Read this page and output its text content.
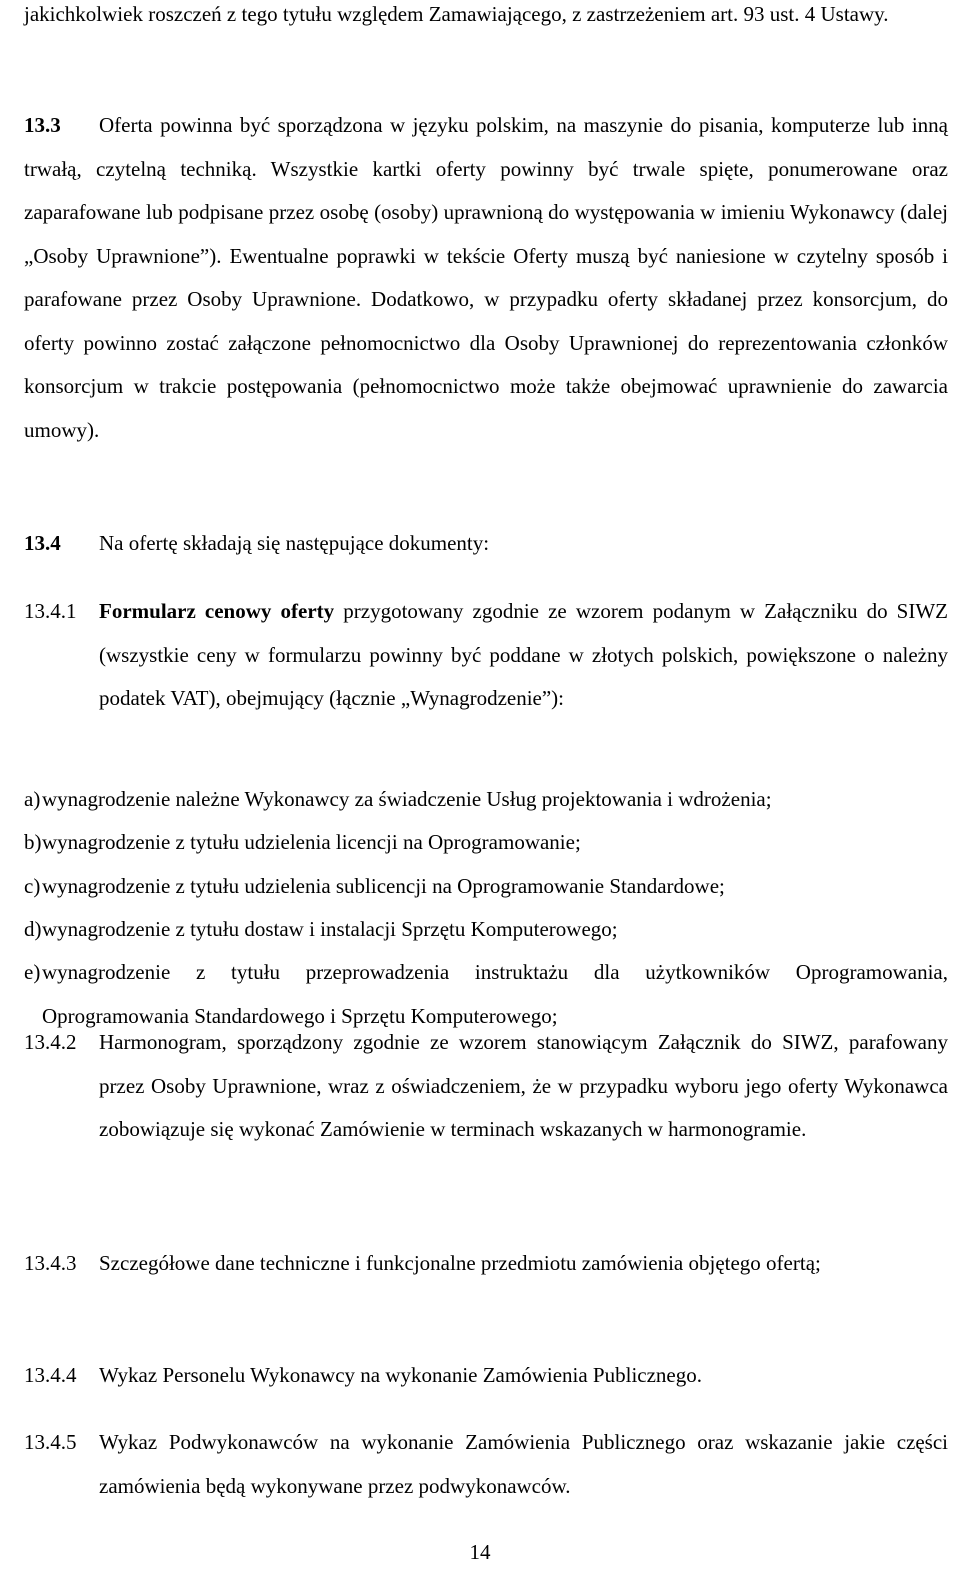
jakichkolwiek roszczeń z tego tytułu względem Zamawiającego, z zastrzeżeniem art. 93 ust. 4 Ustawy.

13.3 Oferta powinna być sporządzona w języku polskim, na maszynie do pisania, komputerze lub inną trwałą, czytelną techniką. Wszystkie kartki oferty powinny być trwale spięte, ponumerowane oraz zaparafowane lub podpisane przez osobę (osoby) uprawnioną do występowania w imieniu Wykonawcy (dalej „Osoby Uprawnione”). Ewentualne poprawki w tekście Oferty muszą być naniesione w czytelny sposób i parafowane przez Osoby Uprawnione. Dodatkowo, w przypadku oferty składanej przez konsorcjum, do oferty powinno zostać załączone pełnomocnictwo dla Osoby Uprawnionej do reprezentowania członków konsorcjum w trakcie postępowania (pełnomocnictwo może także obejmować uprawnienie do zawarcia umowy).

13.4 Na ofertę składają się następujące dokumenty:

13.4.1	Formularz cenowy oferty przygotowany zgodnie ze wzorem podanym w Załączniku do SIWZ (wszystkie ceny w formularzu powinny być poddane w złotych polskich, powiększone o należny podatek VAT), obejmujący (łącznie „Wynagrodzenie”):

a) wynagrodzenie należne Wykonawcy za świadczenie Usług projektowania i wdrożenia;

b) wynagrodzenie z tytułu udzielenia licencji na Oprogramowanie;

c) wynagrodzenie z tytułu udzielenia sublicencji na Oprogramowanie Standardowe;

d) wynagrodzenie z tytułu dostaw i instalacji Sprzętu Komputerowego;

e) wynagrodzenie z tytułu przeprowadzenia instruktażu dla użytkowników Oprogramowania, Oprogramowania Standardowego i Sprzętu Komputerowego;

13.4.2	Harmonogram, sporządzony zgodnie ze wzorem stanowiącym Załącznik do SIWZ, parafowany przez Osoby Uprawnione, wraz z oświadczeniem, że w przypadku wyboru jego oferty Wykonawca zobowiązuje się wykonać Zamówienie w terminach wskazanych w harmonogramie.

13.4.3	Szczegółowe dane techniczne i funkcjonalne przedmiotu zamówienia objętego ofertą;

13.4.4	Wykaz Personelu Wykonawcy na wykonanie Zamówienia Publicznego.

13.4.5	Wykaz Podwykonawców na wykonanie Zamówienia Publicznego oraz wskazanie jakie części zamówienia będą wykonywane przez podwykonawców.

14
